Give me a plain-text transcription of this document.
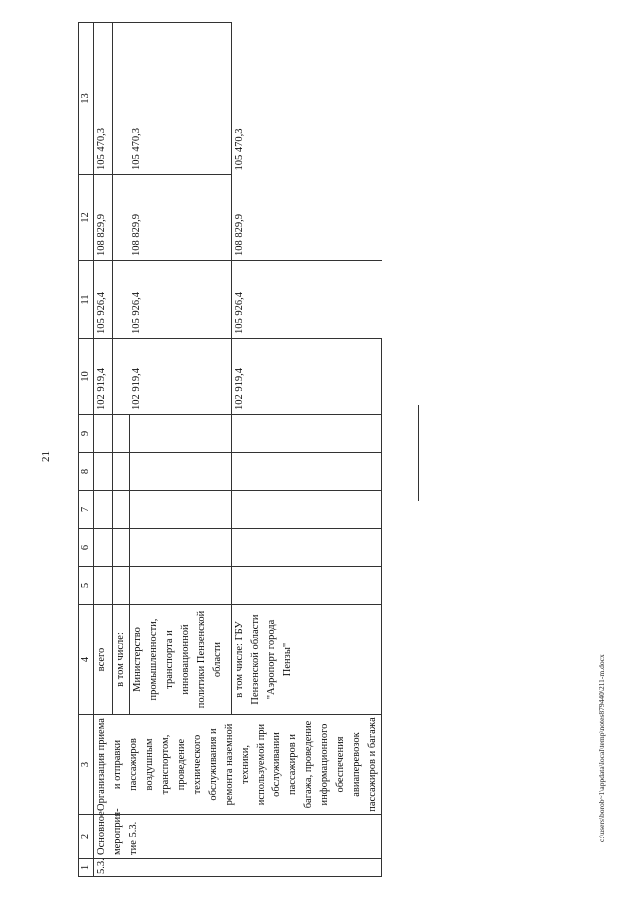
21
1	2	3	4	5	6	7	8	9	10	11	12	13
5.3.	Основное мероприя-тие 5.3.	Организация приема и отправки пассажиров воздушным транспортом, проведение технического обслуживания и ремонта наземной техники, используемой при обслуживании пассажиров и багажа, проведение информационного обеспечения авиаперевозок пассажиров и багажа	всего						102 919,4	105 926,4	108 829,9	105 470,3
			в том числе:									
			Министерство промышленности, транспорта и инновационной политики Пензенской области						102 919,4	105 926,4	108 829,9	105 470,3
			в том числе: ГБУ Пензенской области "Аэропорт города Пензы"						102 919,4	105 926,4	108 829,9	105 470,3
c:\users\borob~1\appdata\local\temp\notes879440\211-m.docx
